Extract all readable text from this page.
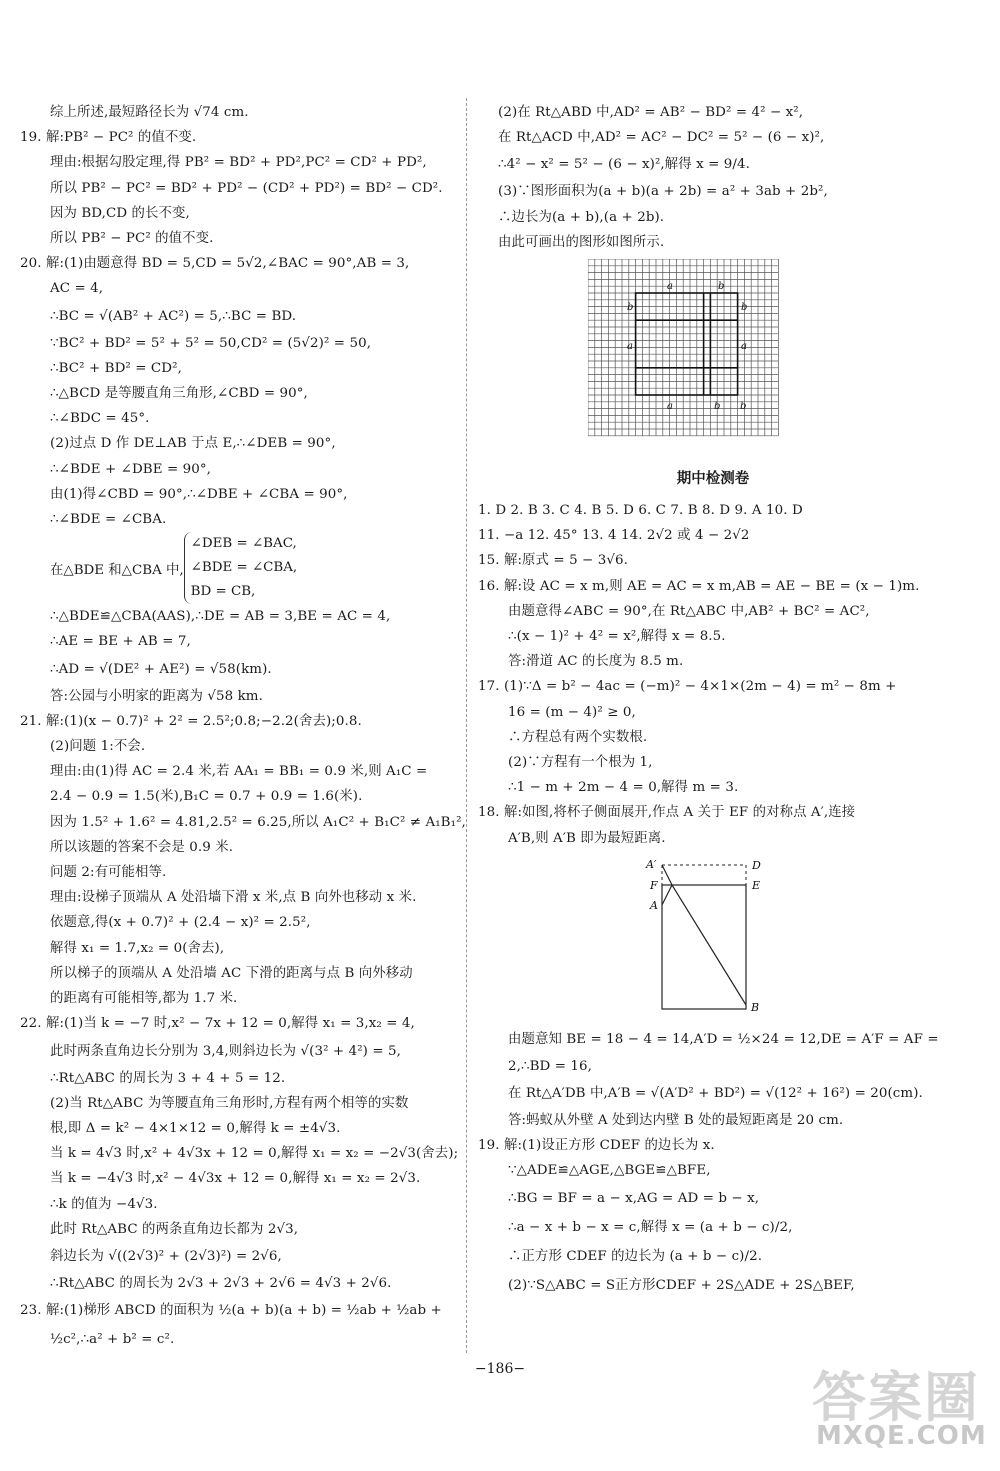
综上所述,最短路径长为 √74 cm.
19. 解:PB² − PC² 的值不变.
理由:根据勾股定理,得 PB² = BD² + PD²,PC² = CD² + PD²,
所以 PB² − PC² = BD² + PD² − (CD² + PD²) = BD² − CD².
因为 BD,CD 的长不变,
所以 PB² − PC² 的值不变.
20. 解:(1)由题意得 BD = 5,CD = 5√2,∠BAC = 90°,AB = 3,
AC = 4,
∴BC = √(AB² + AC²) = 5,∴BC = BD.
∵BC² + BD² = 5² + 5² = 50,CD² = (5√2)² = 50,
∴BC² + BD² = CD²,
∴△BCD 是等腰直角三角形,∠CBD = 90°,
∴∠BDC = 45°.
(2)过点 D 作 DE⊥AB 于点 E,∴∠DEB = 90°,
∴∠BDE + ∠DBE = 90°,
由(1)得∠CBD = 90°,∴∠DBE + ∠CBA = 90°,
∴∠BDE = ∠CBA.
在△BDE 和△CBA 中,
∠DEB = ∠BAC,
∠BDE = ∠CBA,
BD = CB,
∴△BDE≌△CBA(AAS),∴DE = AB = 3,BE = AC = 4,
∴AE = BE + AB = 7,
∴AD = √(DE² + AE²) = √58(km).
答:公园与小明家的距离为 √58 km.
21. 解:(1)(x − 0.7)² + 2² = 2.5²;0.8;−2.2(舍去);0.8.
(2)问题 1:不会.
理由:由(1)得 AC = 2.4 米,若 AA₁ = BB₁ = 0.9 米,则 A₁C =
2.4 − 0.9 = 1.5(米),B₁C = 0.7 + 0.9 = 1.6(米).
因为 1.5² + 1.6² = 4.81,2.5² = 6.25,所以 A₁C² + B₁C² ≠ A₁B₁²,
所以该题的答案不会是 0.9 米.
问题 2:有可能相等.
理由:设梯子顶端从 A 处沿墙下滑 x 米,点 B 向外也移动 x 米.
依题意,得(x + 0.7)² + (2.4 − x)² = 2.5²,
解得 x₁ = 1.7,x₂ = 0(舍去),
所以梯子的顶端从 A 处沿墙 AC 下滑的距离与点 B 向外移动
的距离有可能相等,都为 1.7 米.
22. 解:(1)当 k = −7 时,x² − 7x + 12 = 0,解得 x₁ = 3,x₂ = 4,
此时两条直角边长分别为 3,4,则斜边长为 √(3² + 4²) = 5,
∴Rt△ABC 的周长为 3 + 4 + 5 = 12.
(2)当 Rt△ABC 为等腰直角三角形时,方程有两个相等的实数
根,即 Δ = k² − 4×1×12 = 0,解得 k = ±4√3.
当 k = 4√3 时,x² + 4√3x + 12 = 0,解得 x₁ = x₂ = −2√3(舍去);
当 k = −4√3 时,x² − 4√3x + 12 = 0,解得 x₁ = x₂ = 2√3.
∴k 的值为 −4√3.
此时 Rt△ABC 的两条直角边长都为 2√3,
斜边长为 √((2√3)² + (2√3)²) = 2√6,
∴Rt△ABC 的周长为 2√3 + 2√3 + 2√6 = 4√3 + 2√6.
23. 解:(1)梯形 ABCD 的面积为 ½(a + b)(a + b) = ½ab + ½ab +
½c²,∴a² + b² = c².
(2)在 Rt△ABD 中,AD² = AB² − BD² = 4² − x²,
在 Rt△ACD 中,AD² = AC² − DC² = 5² − (6 − x)²,
∴4² − x² = 5² − (6 − x)²,解得 x = 9/4.
(3)∵图形面积为(a + b)(a + 2b) = a² + 3ab + 2b²,
∴边长为(a + b),(a + 2b).
由此可画出的图形如图所示.
a	b
b	b
a	a
a	b b
期中检测卷
1. D 2. B 3. C 4. B 5. D 6. C 7. B 8. D 9. A 10. D
11. −a 12. 45° 13. 4 14. 2√2 或 4 − 2√2
15. 解:原式 = 5 − 3√6.
16. 解:设 AC = x m,则 AE = AC = x m,AB = AE − BE = (x − 1)m.
由题意得∠ABC = 90°,在 Rt△ABC 中,AB² + BC² = AC²,
∴(x − 1)² + 4² = x²,解得 x = 8.5.
答:滑道 AC 的长度为 8.5 m.
17. (1)∵Δ = b² − 4ac = (−m)² − 4×1×(2m − 4) = m² − 8m +
16 = (m − 4)² ≥ 0,
∴方程总有两个实数根.
(2)∵方程有一个根为 1,
∴1 − m + 2m − 4 = 0,解得 m = 3.
18. 解:如图,将杯子侧面展开,作点 A 关于 EF 的对称点 A′,连接
A′B,则 A′B 即为最短距离.
A′	D
F	E
A
B
由题意知 BE = 18 − 4 = 14,A′D = ½×24 = 12,DE = A′F = AF =
2,∴BD = 16,
在 Rt△A′DB 中,A′B = √(A′D² + BD²) = √(12² + 16²) = 20(cm).
答:蚂蚁从外壁 A 处到达内壁 B 处的最短距离是 20 cm.
19. 解:(1)设正方形 CDEF 的边长为 x.
∵△ADE≌△AGE,△BGE≌△BFE,
∴BG = BF = a − x,AG = AD = b − x,
∴a − x + b − x = c,解得 x = (a + b − c)/2,
∴正方形 CDEF 的边长为 (a + b − c)/2.
(2)∵S△ABC = S正方形CDEF + 2S△ADE + 2S△BEF,
−186−	答案圈
MXQE.COM
